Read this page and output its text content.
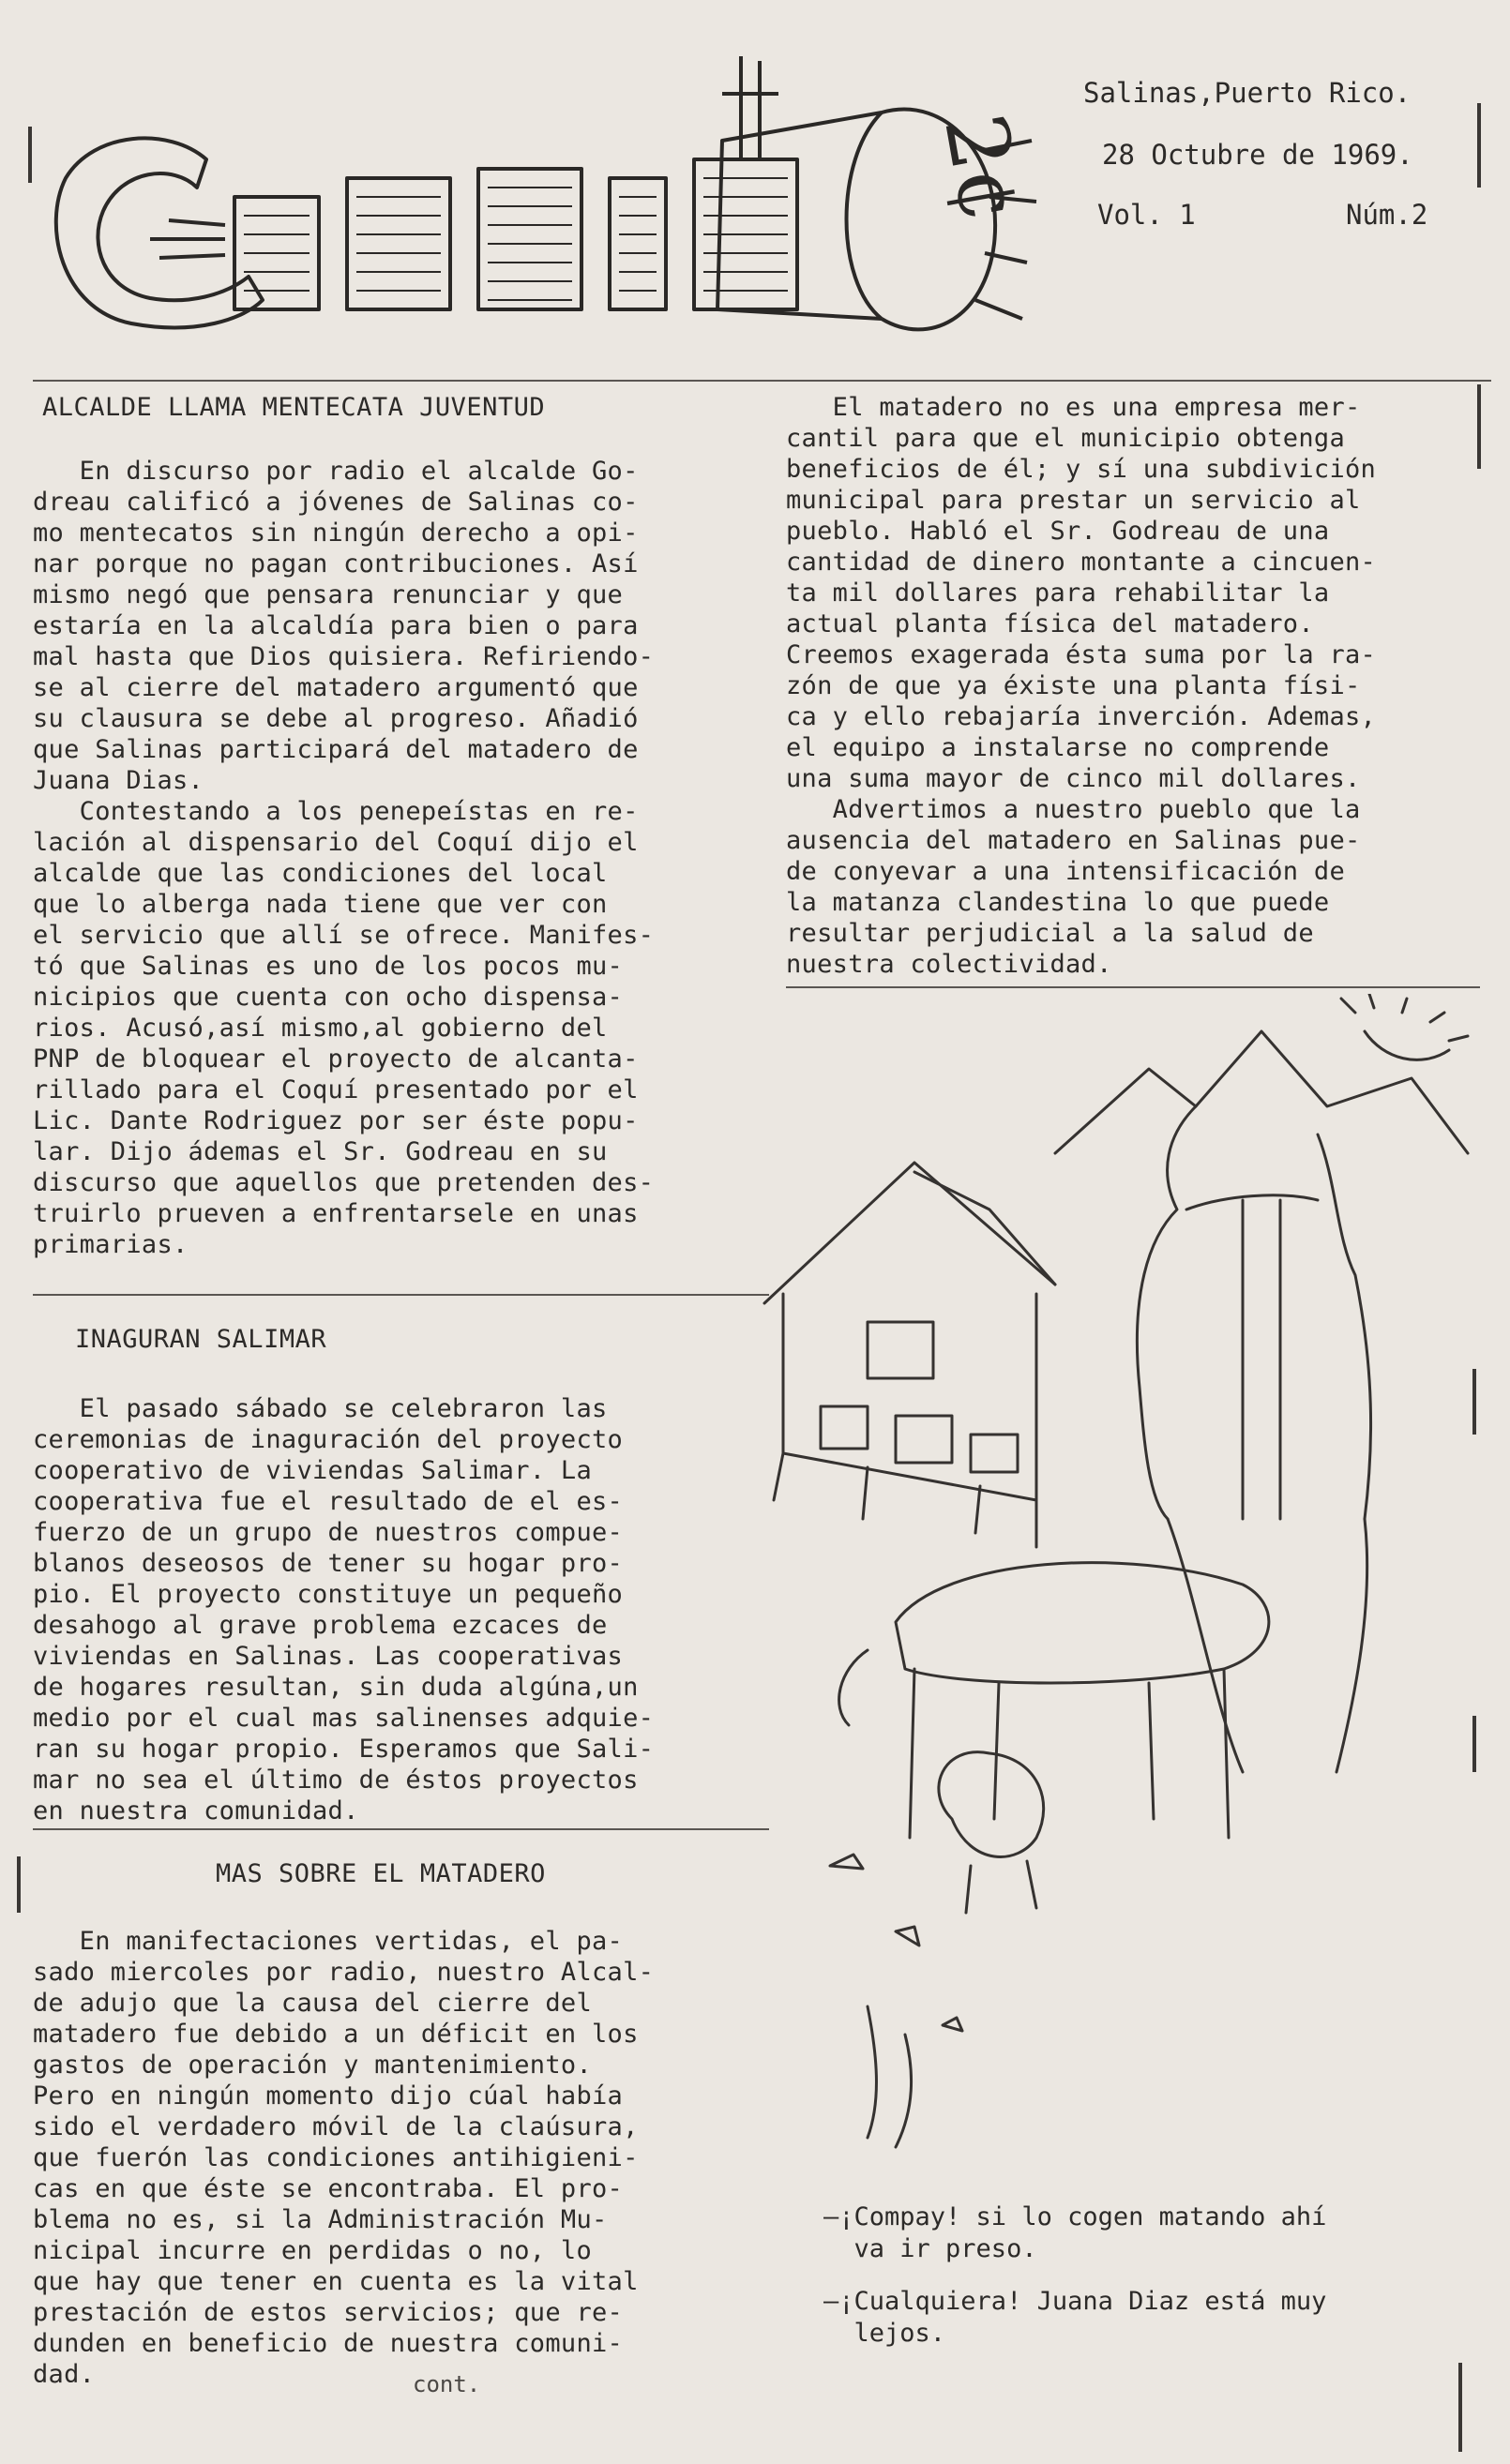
2¢
Salinas,Puerto Rico.
28 Octubre de 1969.
Vol. 1	Núm.2
ALCALDE LLAMA MENTECATA JUVENTUD
En discurso por radio el alcalde Go-
dreau calificó a jóvenes de Salinas co-
mo mentecatos sin ningún derecho a opi-
nar porque no pagan contribuciones. Así
mismo negó que pensara renunciar y que
estaría en la alcaldía para bien o para
mal hasta que Dios quisiera. Refiriendo-
se al cierre del matadero argumentó que
su clausura se debe al progreso. Añadió
que Salinas participará del matadero de
Juana Dias.
Contestando a los penepeístas en re-
lación al dispensario del Coquí dijo el
alcalde que las condiciones del local
que lo alberga nada tiene que ver con
el servicio que allí se ofrece. Manifes-
tó que Salinas es uno de los pocos mu-
nicipios que cuenta con ocho dispensa-
rios. Acusó,así mismo,al gobierno del
PNP de bloquear el proyecto de alcanta-
rillado para el Coquí presentado por el
Lic. Dante Rodriguez por ser éste popu-
lar. Dijo ádemas el Sr. Godreau en su
discurso que aquellos que pretenden des-
truirlo prueven a enfrentarsele en unas
primarias.
INAGURAN SALIMAR
El pasado sábado se celebraron las
ceremonias de inaguración del proyecto
cooperativo de viviendas Salimar. La
cooperativa fue el resultado de el es-
fuerzo de un grupo de nuestros compue-
blanos deseosos de tener su hogar pro-
pio. El proyecto constituye un pequeño
desahogo al grave problema ezcaces de
viviendas en Salinas. Las cooperativas
de hogares resultan, sin duda algúna,un
medio por el cual mas salinenses adquie-
ran su hogar propio. Esperamos que Sali-
mar no sea el último de éstos proyectos
en nuestra comunidad.
MAS SOBRE EL MATADERO
En manifectaciones vertidas, el pa-
sado miercoles por radio, nuestro Alcal-
de adujo que la causa del cierre del
matadero fue debido a un déficit en los
gastos de operación y mantenimiento.
Pero en ningún momento dijo cúal había
sido el verdadero móvil de la claúsura,
que fuerón las condiciones antihigieni-
cas en que éste se encontraba. El pro-
blema no es, si la Administración Mu-
nicipal incurre en perdidas o no, lo
que hay que tener en cuenta es la vital
prestación de estos servicios; que re-
dunden en beneficio de nuestra comuni-
dad.	cont.
El matadero no es una empresa mer-
cantil para que el municipio obtenga
beneficios de él; y sí una subdivición
municipal para prestar un servicio al
pueblo. Habló el Sr. Godreau de una
cantidad de dinero montante a cincuen-
ta mil dollares para rehabilitar la
actual planta física del matadero.
Creemos exagerada ésta suma por la ra-
zón de que ya éxiste una planta físi-
ca y ello rebajaría inverción. Ademas,
el equipo a instalarse no comprende
una suma mayor de cinco mil dollares.
Advertimos a nuestro pueblo que la
ausencia del matadero en Salinas pue-
de conyevar a una intensificación de
la matanza clandestina lo que puede
resultar perjudicial a la salud de
nuestra colectividad.
—¡Compay! si lo cogen matando ahí
va ir preso.
—¡Cualquiera! Juana Diaz está muy
lejos.
